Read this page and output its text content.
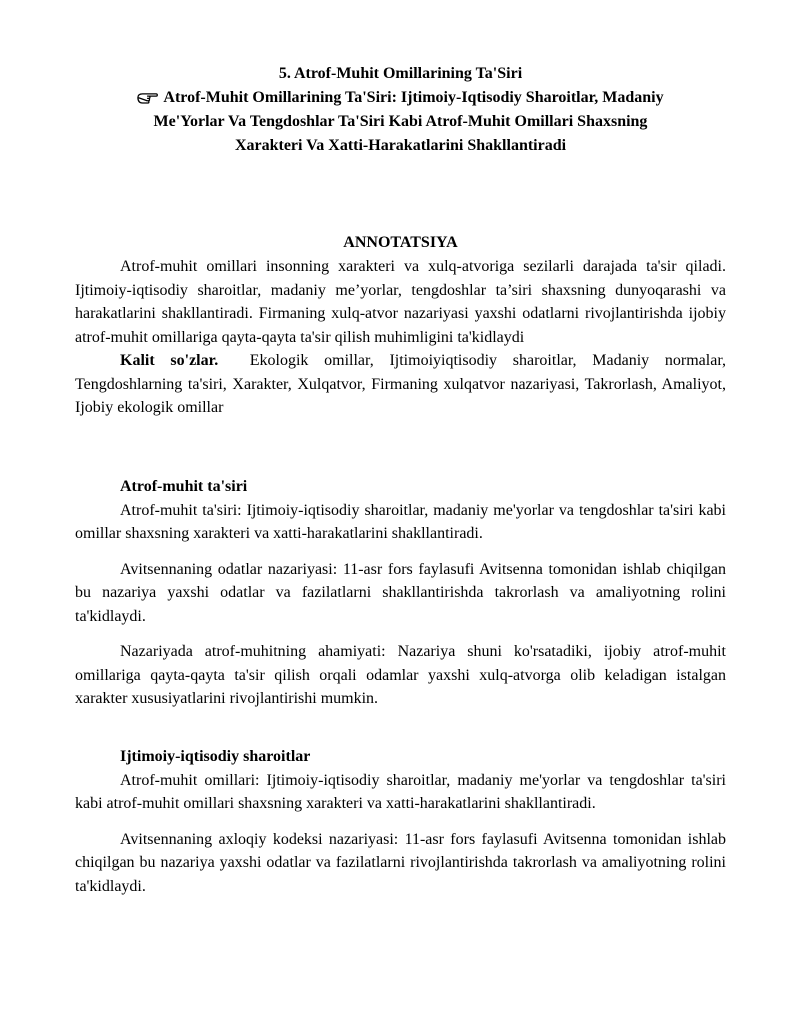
5. Atrof-Muhit Omillarining Ta'Siri
Atrof-Muhit Omillarining Ta'Siri: Ijtimoiy-Iqtisodiy Sharoitlar, Madaniy
Me'Yorlar Va Tengdoshlar Ta'Siri Kabi Atrof-Muhit Omillari Shaxsning
Xarakteri Va Xatti-Harakatlarini Shakllantiradi
ANNOTATSIYA

Atrof-muhit omillari insonning xarakteri va xulq-atvoriga sezilarli darajada ta'sir qiladi. Ijtimoiy-iqtisodiy sharoitlar, madaniy me’yorlar, tengdoshlar ta’siri shaxsning dunyoqarashi va harakatlarini shakllantiradi. Firmaning xulq-atvor nazariyasi yaxshi odatlarni rivojlantirishda ijobiy atrof-muhit omillariga qayta-qayta ta'sir qilish muhimligini ta'kidlaydi

Kalit so'zlar. Ekologik omillar, Ijtimoiyiqtisodiy sharoitlar, Madaniy normalar, Tengdoshlarning ta'siri, Xarakter, Xulqatvor, Firmaning xulqatvor nazariyasi, Takrorlash, Amaliyot, Ijobiy ekologik omillar

Atrof-muhit ta'siri

Atrof-muhit ta'siri: Ijtimoiy-iqtisodiy sharoitlar, madaniy me'yorlar va tengdoshlar ta'siri kabi omillar shaxsning xarakteri va xatti-harakatlarini shakllantiradi.

Avitsennaning odatlar nazariyasi: 11-asr fors faylasufi Avitsenna tomonidan ishlab chiqilgan bu nazariya yaxshi odatlar va fazilatlarni shakllantirishda takrorlash va amaliyotning rolini ta'kidlaydi.

Nazariyada atrof-muhitning ahamiyati: Nazariya shuni ko'rsatadiki, ijobiy atrof-muhit omillariga qayta-qayta ta'sir qilish orqali odamlar yaxshi xulq-atvorga olib keladigan istalgan xarakter xususiyatlarini rivojlantirishi mumkin.

Ijtimoiy-iqtisodiy sharoitlar

Atrof-muhit omillari: Ijtimoiy-iqtisodiy sharoitlar, madaniy me'yorlar va tengdoshlar ta'siri kabi atrof-muhit omillari shaxsning xarakteri va xatti-harakatlarini shakllantiradi.

Avitsennaning axloqiy kodeksi nazariyasi: 11-asr fors faylasufi Avitsenna tomonidan ishlab chiqilgan bu nazariya yaxshi odatlar va fazilatlarni rivojlantirishda takrorlash va amaliyotning rolini ta'kidlaydi.
